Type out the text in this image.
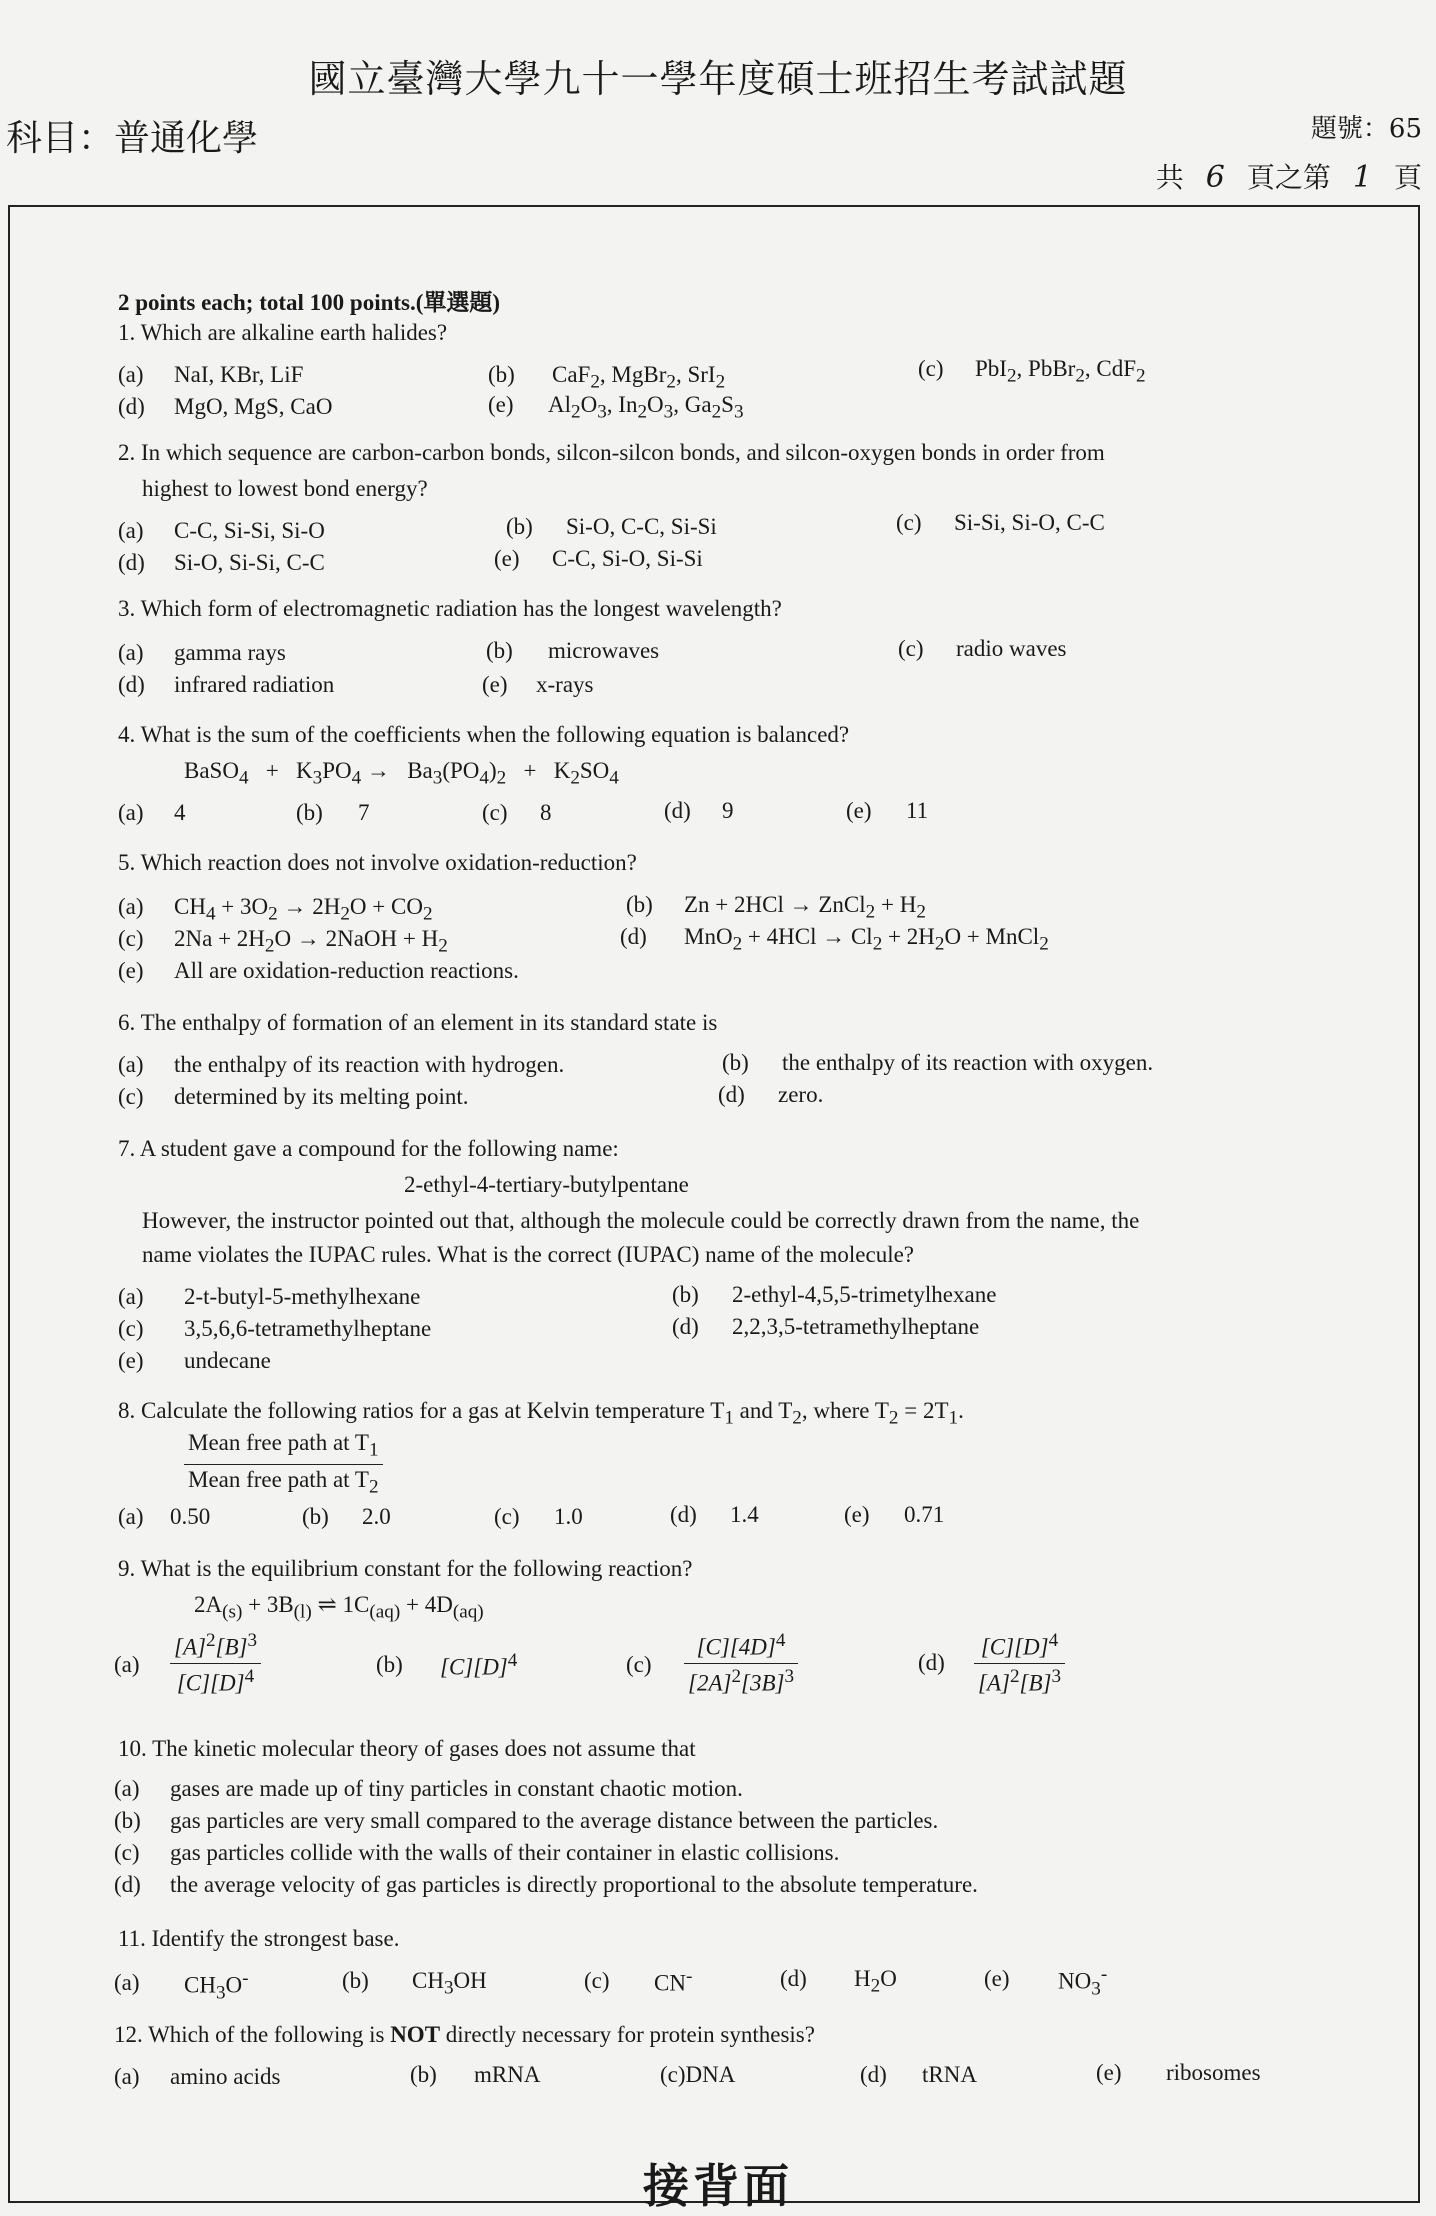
國立臺灣大學九十一學年度碩士班招生考試試題
科目：普通化學	題號：65
共 6 頁之第 1 頁
2 points each; total 100 points.(單選題)
1. Which are alkaline earth halides?
(a) NaI, KBr, LiF	(b) CaF$_2$, MgBr$_2$, SrI$_2$
(c) PbI$_2$, PbBr$_2$, CdF$_2$
(d) MgO, MgS, CaO	(e) $Al_2O_3$, $In_2O_3$, $Ga_2S_3$
2. In which sequence are carbon-carbon bonds, silcon-silcon bonds, and silcon-oxygen bonds in order from
highest to lowest bond energy?
(a) C-C, Si-Si, Si-O	(b) Si-O, C-C, Si-Si	(c) Si-Si, Si-O, C-C
(d) Si-O, Si-Si, C-C	(e) C-C, Si-O, Si-Si
3. Which form of electromagnetic radiation has the longest wavelength?
(a) gamma rays	(b) microwaves	(c) radio waves
(d) infrared radiation	(e) x-rays
4. What is the sum of the coefficients when the following equation is balanced?
BaSO$_4$   +   $K_3PO_4 \to Ba_3(PO_4)_2 + K_2SO_4$
(a) 4	(b) 7	(c) 8	(d) 9	(e) 11
5. Which reaction does not involve oxidation-reduction?
(a) $CH_4 + 3O_2 \to 2H_2O + CO_2$	(b) Zn + 2HCl → ZnCl$_2$ + $H_2$
(c) $2Na + 2H_2O$ → 2NaOH + $H_2$	(d) $MnO_2 + 4HCl \to Cl_2 + 2H_2O$ + MnCl$_2$
(e) All are oxidation-reduction reactions.
6. The enthalpy of formation of an element in its standard state is
(a) the enthalpy of its reaction with hydrogen.	(b) the enthalpy of its reaction with oxygen.
(c) determined by its melting point.	(d) zero.
7. A student gave a compound for the following name:
2-ethyl-4-tertiary-butylpentane
However, the instructor pointed out that, although the molecule could be correctly drawn from the name, the
name violates the IUPAC rules. What is the correct (IUPAC) name of the molecule?
(a) 2-t-butyl-5-methylhexane	(b) 2-ethyl-4,5,5-trimetylhexane
(c) 3,5,6,6-tetramethylheptane	(d) 2,2,3,5-tetramethylheptane
(e) undecane
8. Calculate the following ratios for a gas at Kelvin temperature $T_1$ and $T_2$, where $T_2 = 2T_1$.
$\frac{Mean free path at T_1}{Mean free path at T_2}$
(a) 0.50	(b) 2.0	(c) 1.0	(d) 1.4	(e) 0.71
9. What is the equilibrium constant for the following reaction?
$2A_{(s)} + 3B_{(l)}$ ⇌ $1C_{(aq)} + 4D_{(aq)}$
$(a) \frac{[A]^2[B]^3}{[C][D]^4}$	(b) $[C][D]^4$	$(c) \frac{[C][4D]^4}{[2A]^2[3B]^3}$	$(d) \frac{[C][D]^4}{[A]^2[B]^3}$
10. The kinetic molecular theory of gases does not assume that
(a) gases are made up of tiny particles in constant chaotic motion.
(b) gas particles are very small compared to the average distance between the particles.
(c) gas particles collide with the walls of their container in elastic collisions.
(d) the average velocity of gas particles is directly proportional to the absolute temperature.
11. Identify the strongest base.
(a) $CH_3O^-$	(b) $CH_3OH$	(c) CN-	(d) $H_2O$	(e) $NO_3^-$
12. Which of the following is NOT directly necessary for protein synthesis?
(a) amino acids	(b) mRNA	(c)DNA	(d) tRNA	(e) ribosomes
接背面
